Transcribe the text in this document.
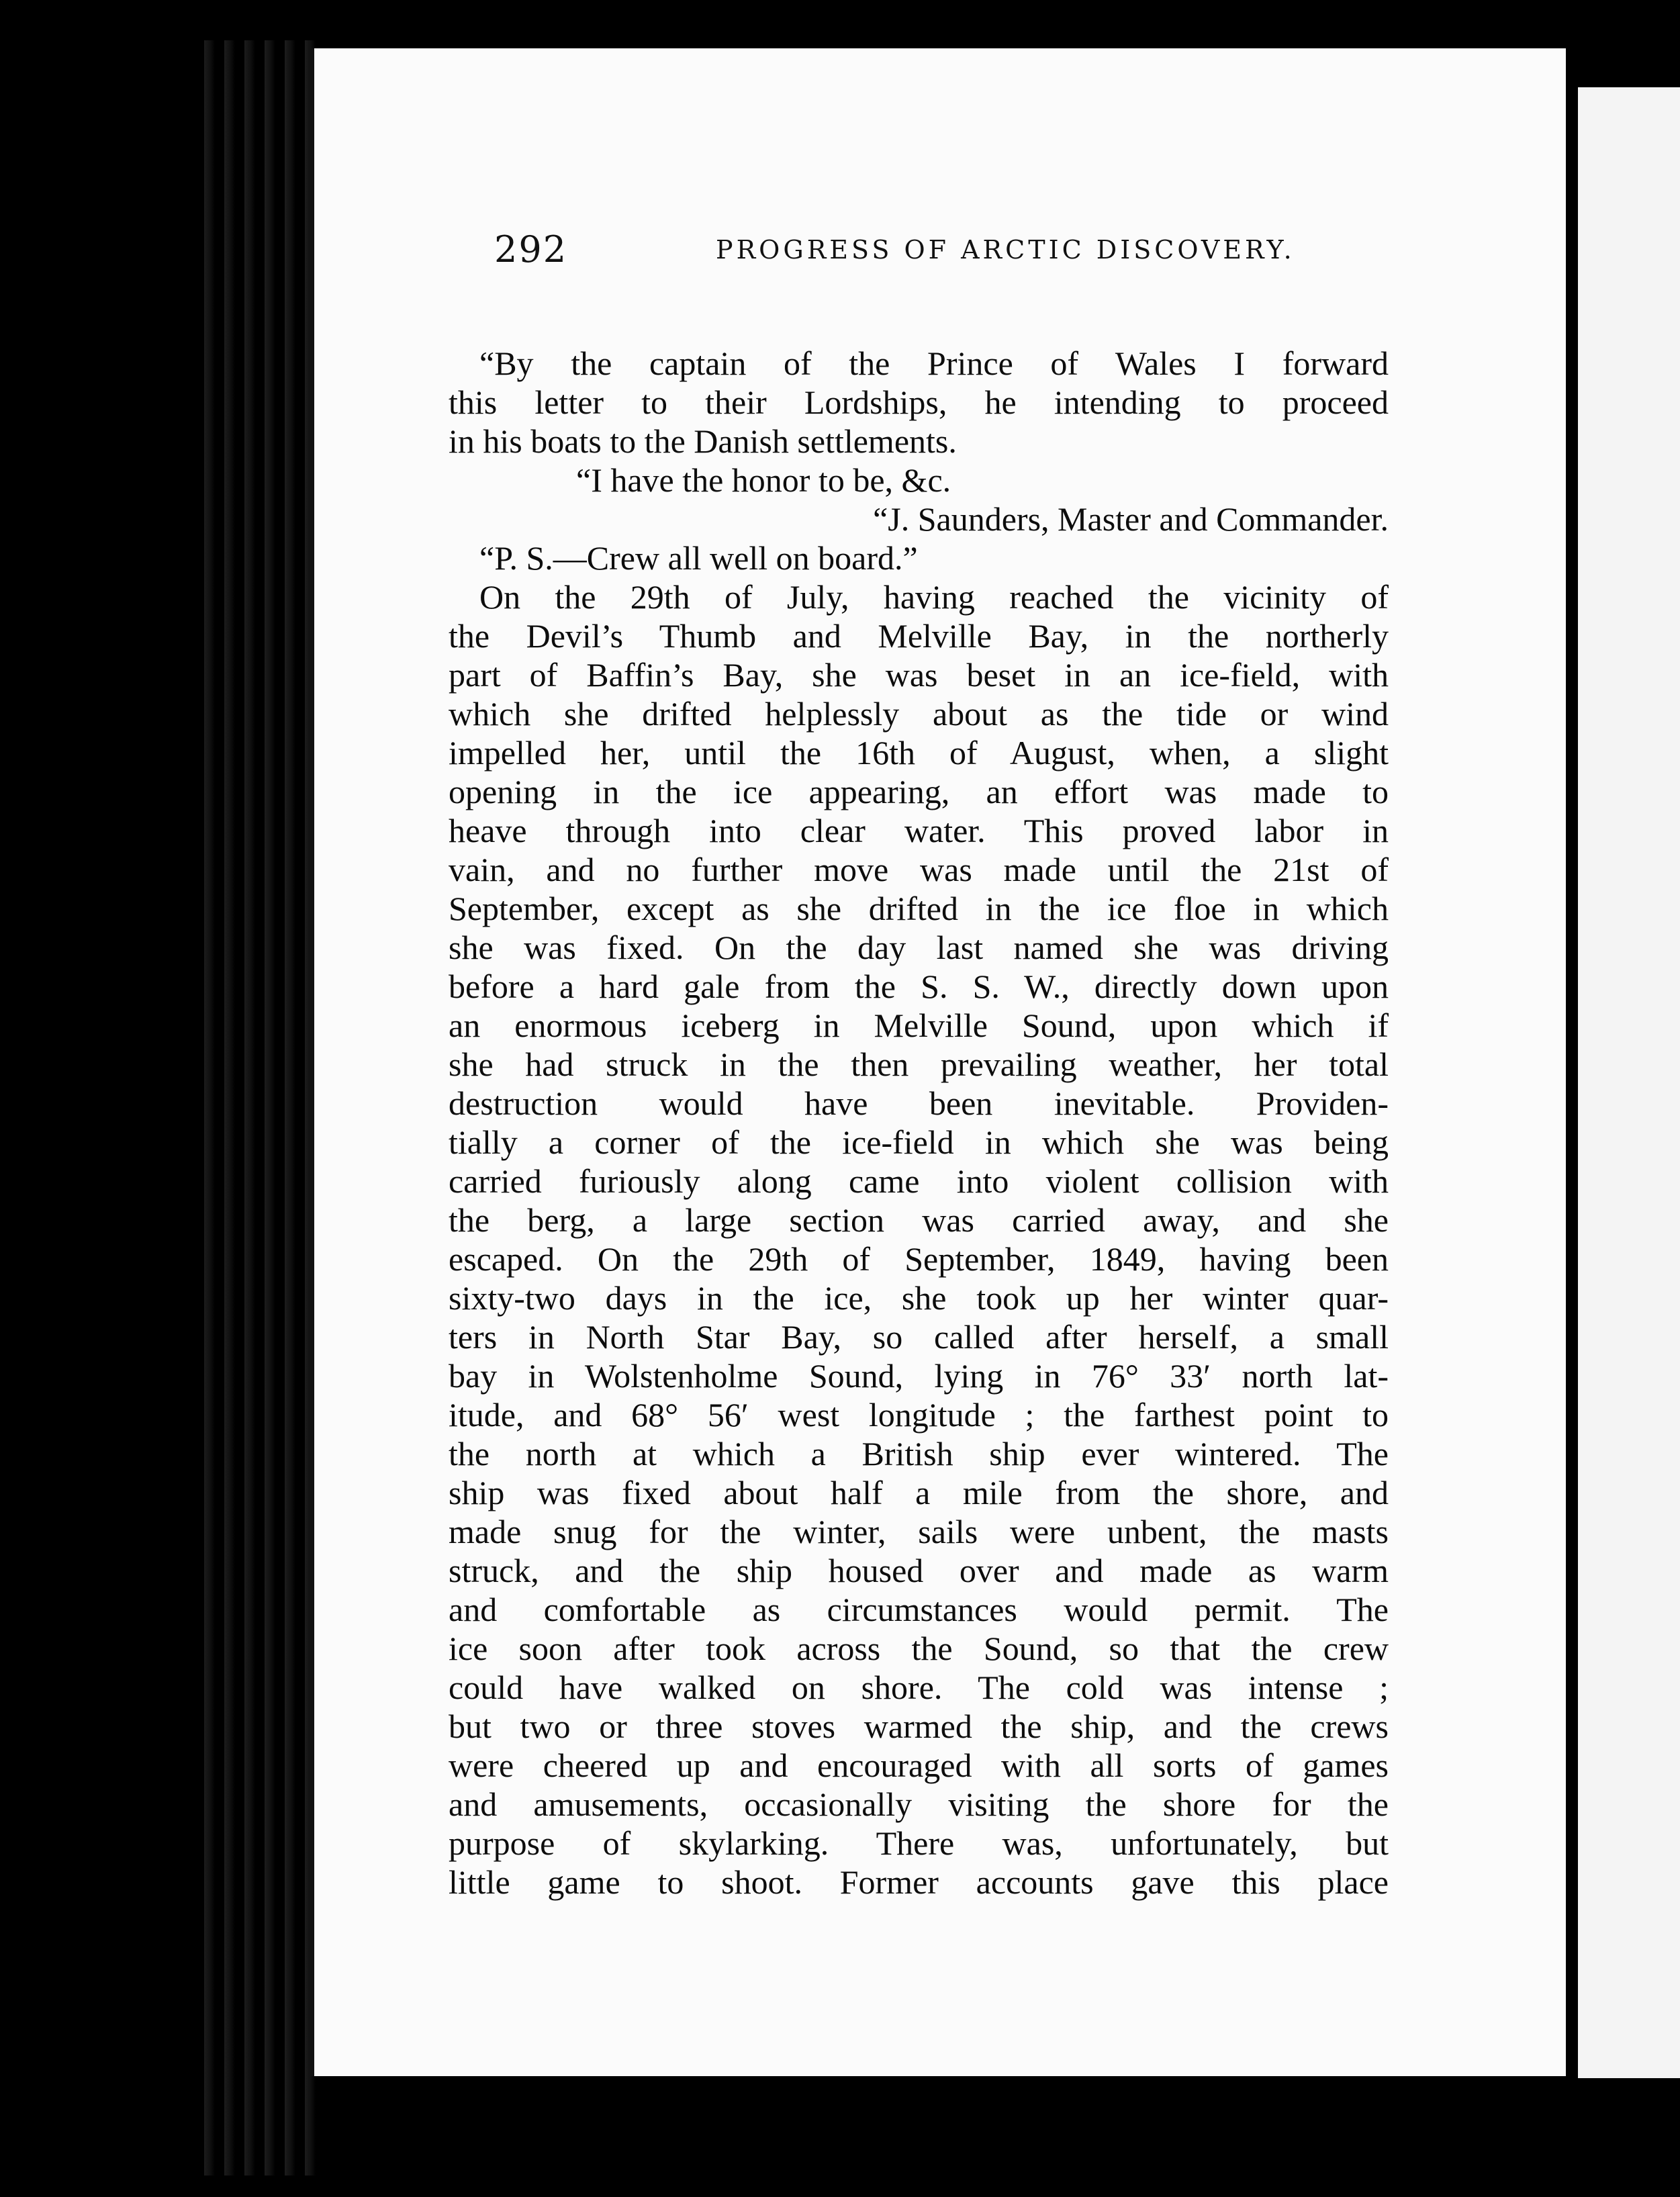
292	PROGRESS OF ARCTIC DISCOVERY.
“By the captain of the Prince of Wales I forward
this letter to their Lordships, he intending to proceed
in his boats to the Danish settlements.
“I have the honor to be, &c.
“J. Saunders, Master and Commander.
“P. S.—Crew all well on board.”
On the 29th of July, having reached the vicinity of
the Devil’s Thumb and Melville Bay, in the northerly
part of Baffin’s Bay, she was beset in an ice-field, with
which she drifted helplessly about as the tide or wind
impelled her, until the 16th of August, when, a slight
opening in the ice appearing, an effort was made to
heave through into clear water. This proved labor in
vain, and no further move was made until the 21st of
September, except as she drifted in the ice floe in which
she was fixed. On the day last named she was driving
before a hard gale from the S. S. W., directly down upon
an enormous iceberg in Melville Sound, upon which if
she had struck in the then prevailing weather, her total
destruction would have been inevitable. Providen-
tially a corner of the ice-field in which she was being
carried furiously along came into violent collision with
the berg, a large section was carried away, and she
escaped. On the 29th of September, 1849, having been
sixty-two days in the ice, she took up her winter quar-
ters in North Star Bay, so called after herself, a small
bay in Wolstenholme Sound, lying in 76° 33′ north lat-
itude, and 68° 56′ west longitude ; the farthest point to
the north at which a British ship ever wintered. The
ship was fixed about half a mile from the shore, and
made snug for the winter, sails were unbent, the masts
struck, and the ship housed over and made as warm
and comfortable as circumstances would permit. The
ice soon after took across the Sound, so that the crew
could have walked on shore. The cold was intense ;
but two or three stoves warmed the ship, and the crews
were cheered up and encouraged with all sorts of games
and amusements, occasionally visiting the shore for the
purpose of skylarking. There was, unfortunately, but
little game to shoot. Former accounts gave this place
